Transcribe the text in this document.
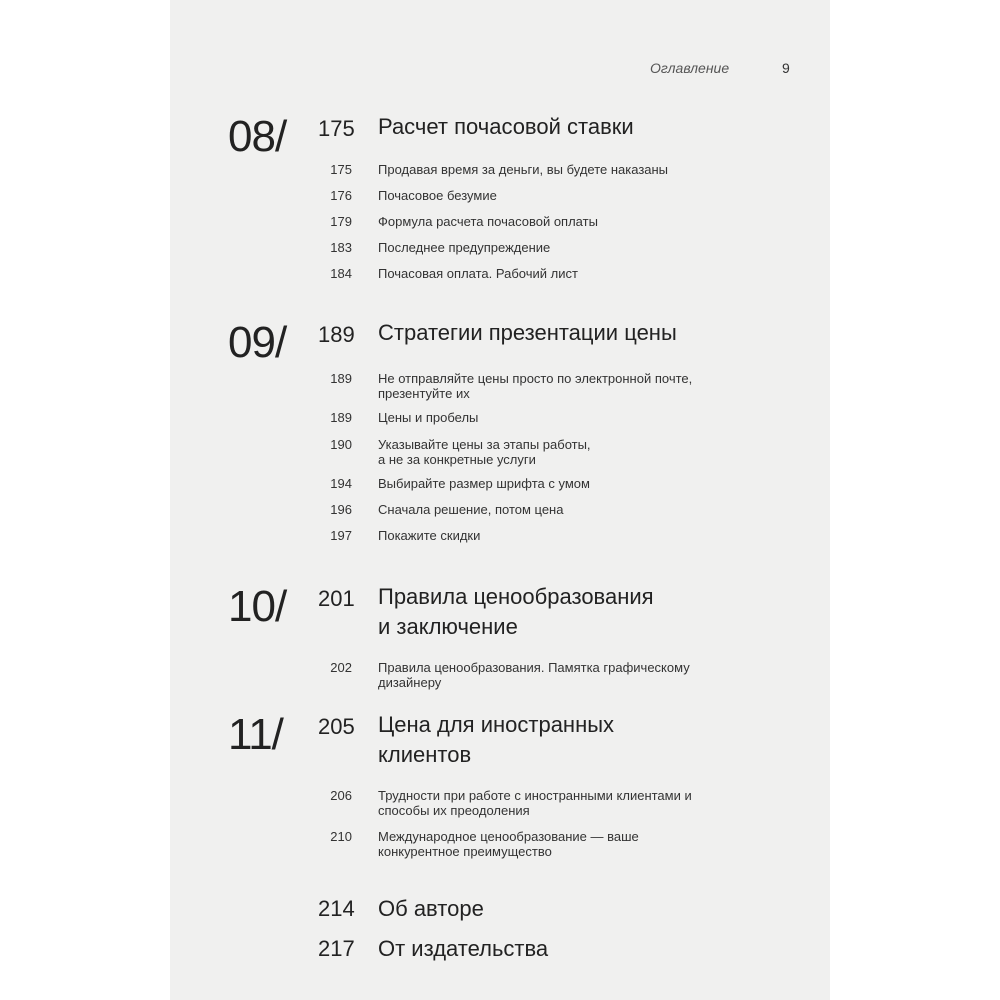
Оглавление	9
08/ 175 Расчет почасовой ставки
175 Продавая время за деньги, вы будете наказаны
176 Почасовое безумие
179 Формула расчета почасовой оплаты
183 Последнее предупреждение
184 Почасовая оплата. Рабочий лист
09/ 189 Стратегии презентации цены
189 Не отправляйте цены просто по электронной почте,
презентуйте их
189 Цены и пробелы
190 Указывайте цены за этапы работы,
а не за конкретные услуги
194 Выбирайте размер шрифта с умом
196 Сначала решение, потом цена
197 Покажите скидки
10/ 201 Правила ценообразования
и заключение
202 Правила ценообразования. Памятка графическому
дизайнеру
11/ 205 Цена для иностранных
клиентов
206 Трудности при работе с иностранными клиентами и
способы их преодоления
210 Международное ценообразование — ваше
конкурентное преимущество
214 Об авторе
217 От издательства
